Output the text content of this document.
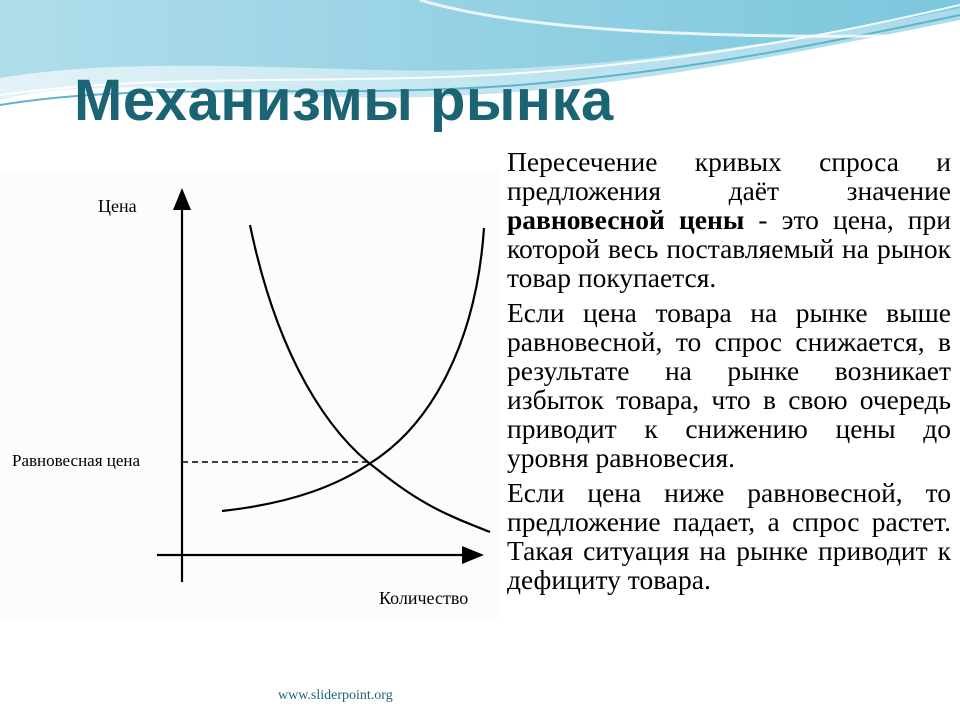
Механизмы рынка
Цена
Равновесная цена
Количество

Пересечение кривых спроса и предложения даёт значение равновесной цены - это цена, при которой весь поставляемый на рынок товар покупается.

Если цена товара на рынке выше равновесной, то спрос снижается, в результате на рынке возникает избыток товара, что в свою очередь приводит к снижению цены до уровня равновесия.

Если цена ниже равновесной, то предложение падает, а спрос растет. Такая ситуация на рынке приводит к дефициту товара.

www.sliderpoint.org
